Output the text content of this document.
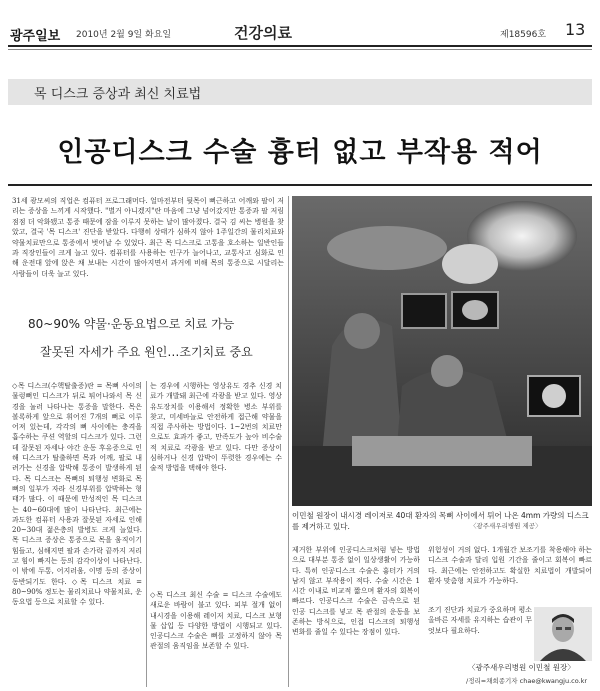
광주일보 2010년 2월 9일 화요일	건강의료	제18596호 13
목 디스크 증상과 최신 치료법
인공디스크 수술 흉터 없고 부작용 적어

31세 광모씨의 직업은 컴퓨터 프로그래머다. 얼마전부터 뒷목이 뻐근하고 어깨와 팔이 저리는 증상을 느끼게 시작했다. "별거 아니겠지"란 마음에 그냥 넘어갔지만 통증과 팔 저림 점점 더 악화됐고 통증 때문에 잠을 이루지 못하는 날이 많아졌다. 결국 김 씨는 병원을 찾았고, 결국 '목 디스크' 진단을 받았다. 다행히 상태가 심하지 않아 1주일간의 물리치료와 약물치료만으로 통증에서 벗어날 수 있었다. 최근 목 디스크로 고통을 호소하는 일반인들과 직장인들이 크게 늘고 있다. 컴퓨터를 사용하는 인구가 늘어나고, 교통사고 심화로 인해 운전대 앞에 앉은 채 보내는 시간이 많아지면서 과거에 비해 목의 통증으로 시달리는 사람들이 더욱 늘고 있다.

80~90% 약물·운동요법으로 치료 가능
잘못된 자세가 주요 원인…조기치료 중요

◇목 디스크(수핵탈출증)란 = 목뼈 사이의 물렁뼈인 디스크가 뒤로 튀어나와서 목 신경을 눌러 나타나는 통증을 말한다. 목은 볼록하게 앞으로 휘어진 7개의 뼈로 이루어져 있는데, 각각의 뼈 사이에는 충격을 흡수하는 쿠션 역할의 디스크가 있다. 그런데 잘못된 자세나 야간 운동 후유증으로 인해 디스크가 탈출하면 목과 어깨, 팔로 내려가는 신경을 압박해 통증이 발생하게 된다. 목 디스크는 목뼈의 퇴행성 변화로 목뼈의 일부가 자라 신경부위를 압박하는 형태가 많다. 이 때문에 만성적인 목 디스크는 40~60대에 많이 나타난다. 최근에는 과도한 컴퓨터 사용과 잘못된 자세로 인해 20~30대 젊은층의 발병도 크게 늘었다. 목 디스크 증상은 통증으로 목을 움직이기 힘들고, 심해지면 팔과 손가락 끝까지 저리고 힘이 빠지는 등의 감각이상이 나타난다. 이 밖에 두통, 어지러움, 이명 등의 증상이 동반되기도 한다. ◇목 디스크 치료 = 80~90% 정도는 물리치료나 약물치료, 운동요법 등으로 치료할 수 있다.

는 경우에 시행하는 영상유도 경추 신경 치료가 개발돼 최근에 각광을 받고 있다. 영상 유도장치를 이용해서 정확한 병소 부위를 찾고, 미세바늘로 안전하게 접근해 약물을 직접 주사하는 방법이다. 1~2번의 치료만으로도 효과가 좋고, 만족도가 높아 비수술적 치료로 각광을 받고 있다. 다만 증상이 심하거나 신경 압박이 뚜렷한 경우에는 수술적 방법을 택해야 한다.

◇목 디스크 최신 수술 = 디스크 수술에도 새로운 바람이 불고 있다. 피부 절개 없이 내시경을 이용해 레이저 치료, 디스크 보형물 삽입 등 다양한 방법이 시행되고 있다. 인공디스크 수술은 뼈를 고정하지 않아 목 관절의 움직임을 보존할 수 있다.

제거한 부위에 인공디스크처럼 넣는 방법으로 대부분 통증 없이 일상생활이 가능하다. 특히 인공디스크 수술은 흉터가 거의 남지 않고 부작용이 적다. 수술 시간은 1시간 이내로 비교적 짧으며 환자의 회복이 빠르다. 인공디스크 수술은 금속으로 된 인공 디스크를 넣고 목 관절의 운동을 보존하는 방식으로, 인접 디스크의 퇴행성 변화를 줄일 수 있다는 장점이 있다.

위험성이 거의 없다. 1개월간 보조기를 착용해야 하는 디스크 수술과 달리 입원 기간을 줄이고 회복이 빠르다. 최근에는 안전하고도 확실한 치료법이 개발되어 환자 맞춤형 치료가 가능하다.

조기 진단과 치료가 중요하며 평소 올바른 자세를 유지하는 습관이 무엇보다 필요하다.

이민철 원장이 내시경 레이저로 40대 환자의 목뼈 사이에서 튀어 나온 4mm 가량의 디스크를 제거하고 있다.	〈광주새우리병원 제공〉
〈광주새우리병원 이민철 원장〉
/정리=채희종기자 chae@kwangju.co.kr
